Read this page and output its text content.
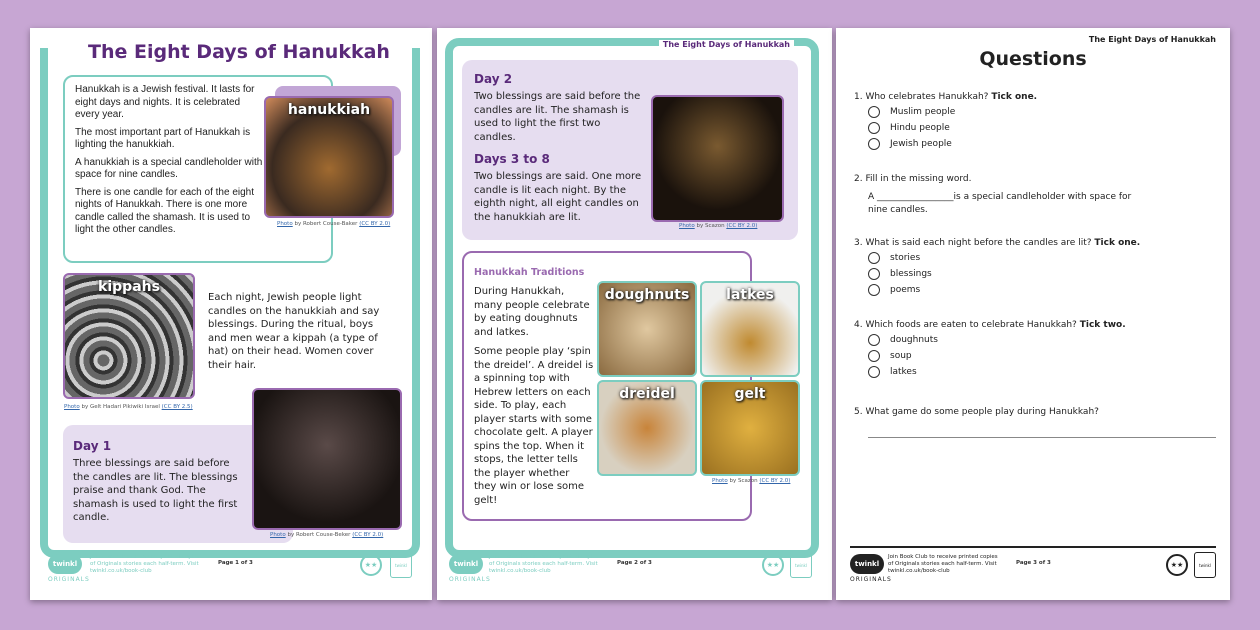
The Eight Days of Hanukkah

Hanukkah is a Jewish festival. It lasts for eight days and nights. It is celebrated every year.

The most important part of Hanukkah is lighting the hanukkiah.

A hanukkiah is a special candleholder with space for nine candles.

There is one candle for each of the eight nights of Hanukkah. There is one more candle called the shamash. It is used to light the other candles.

hanukkiah
Photo by Robert Couse-Baker (CC BY 2.0)
kippahs
Photo by Gelt Hadari Pikiwiki Israel (CC BY 2.5)
Each night, Jewish people light candles on the hanukkiah and say blessings. During the ritual, boys and men wear a kippah (a type of hat) on their head. Women cover their hair.
Day 1
Three blessings are said before the candles are lit. The blessings praise and thank God. The shamash is used to light the first candle.
Photo by Robert Couse-Beker (CC BY 2.0)
twinkl
ORIGINALS
Join Book Club to receive printed copies of Originals stories each half-term. Visit twinkl.co.uk/book-club
Page 1 of 3	★★	twinkl
The Eight Days of Hanukkah
Day 2
Two blessings are said before the candles are lit. The shamash is used to light the first two candles.
Days 3 to 8
Two blessings are said. One more candle is lit each night. By the eighth night, all eight candles on the hanukkiah are lit.
Photo by Scazon (CC BY 2.0)
Hanukkah Traditions

During Hanukkah, many people celebrate by eating doughnuts and latkes.

Some people play ‘spin the dreidel’. A dreidel is a spinning top with Hebrew letters on each side. To play, each player starts with some chocolate gelt. A player spins the top. When it stops, the letter tells the player whether they win or lose some gelt!

doughnuts	latkes
dreidel	gelt
Photo by Scazon (CC BY 2.0)
twinkl
ORIGINALS
Join Book Club to receive printed copies of Originals stories each half-term. Visit twinkl.co.uk/book-club
Page 2 of 3	★★	twinkl
The Eight Days of Hanukkah
Questions
1. Who celebrates Hanukkah? Tick one.
Muslim people
Hindu people
Jewish people
2. Fill in the missing word.
A _________________is a special candleholder with space for
nine candles.
3. What is said each night before the candles are lit? Tick one.
stories
blessings
poems
4. Which foods are eaten to celebrate Hanukkah? Tick two.
doughnuts
soup
latkes
5. What game do some people play during Hanukkah?
twinkl
ORIGINALS
Join Book Club to receive printed copies of Originals stories each half-term. Visit twinkl.co.uk/book-club
Page 3 of 3	★★	twinkl
